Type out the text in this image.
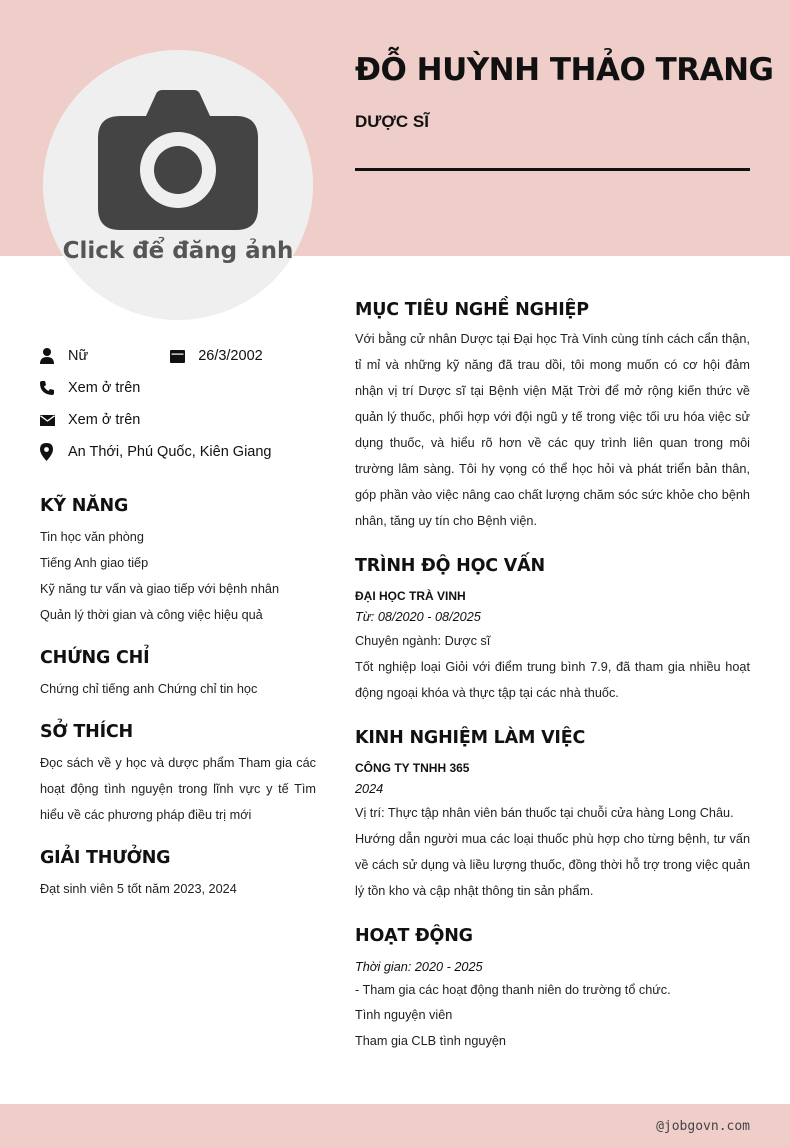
Click để đăng ảnh
ĐỖ HUỲNH THẢO TRANG
DƯỢC SĨ
Nữ	26/3/2002
Xem ở trên
Xem ở trên
An Thới, Phú Quốc, Kiên Giang
KỸ NĂNG
Tin học văn phòng
Tiếng Anh giao tiếp
Kỹ năng tư vấn và giao tiếp với bệnh nhân
Quản lý thời gian và công việc hiệu quả
CHỨNG CHỈ
Chứng chỉ tiếng anh Chứng chỉ tin học
SỞ THÍCH
Đọc sách về y học và dược phẩm Tham gia các hoạt động tình nguyện trong lĩnh vực y tế Tìm hiểu về các phương pháp điều trị mới
GIẢI THƯỞNG
Đạt sinh viên 5 tốt năm 2023, 2024
MỤC TIÊU NGHỀ NGHIỆP
Với bằng cử nhân Dược tại Đại học Trà Vinh cùng tính cách cẩn thận, tỉ mỉ và những kỹ năng đã trau dồi, tôi mong muốn có cơ hội đảm nhận vị trí Dược sĩ tại Bệnh viện Mặt Trời để mở rộng kiến thức về quản lý thuốc, phối hợp với đội ngũ y tế trong việc tối ưu hóa việc sử dụng thuốc, và hiểu rõ hơn về các quy trình liên quan trong môi trường lâm sàng. Tôi hy vọng có thể học hỏi và phát triển bản thân, góp phần vào việc nâng cao chất lượng chăm sóc sức khỏe cho bệnh nhân, tăng uy tín cho Bệnh viện.
TRÌNH ĐỘ HỌC VẤN
ĐẠI HỌC TRÀ VINH
Từ: 08/2020 - 08/2025
Chuyên ngành: Dược sĩ
Tốt nghiệp loại Giỏi với điểm trung bình 7.9, đã tham gia nhiều hoạt động ngoại khóa và thực tập tại các nhà thuốc.
KINH NGHIỆM LÀM VIỆC
CÔNG TY TNHH 365
2024
Vị trí: Thực tập nhân viên bán thuốc tại chuỗi cửa hàng Long Châu.
Hướng dẫn người mua các loại thuốc phù hợp cho từng bệnh, tư vấn về cách sử dụng và liều lượng thuốc, đồng thời hỗ trợ trong việc quản lý tồn kho và cập nhật thông tin sản phẩm.
HOẠT ĐỘNG
Thời gian: 2020 - 2025
- Tham gia các hoạt động thanh niên do trường tổ chức.
Tình nguyện viên
Tham gia CLB tình nguyện
@jobgovn.com
